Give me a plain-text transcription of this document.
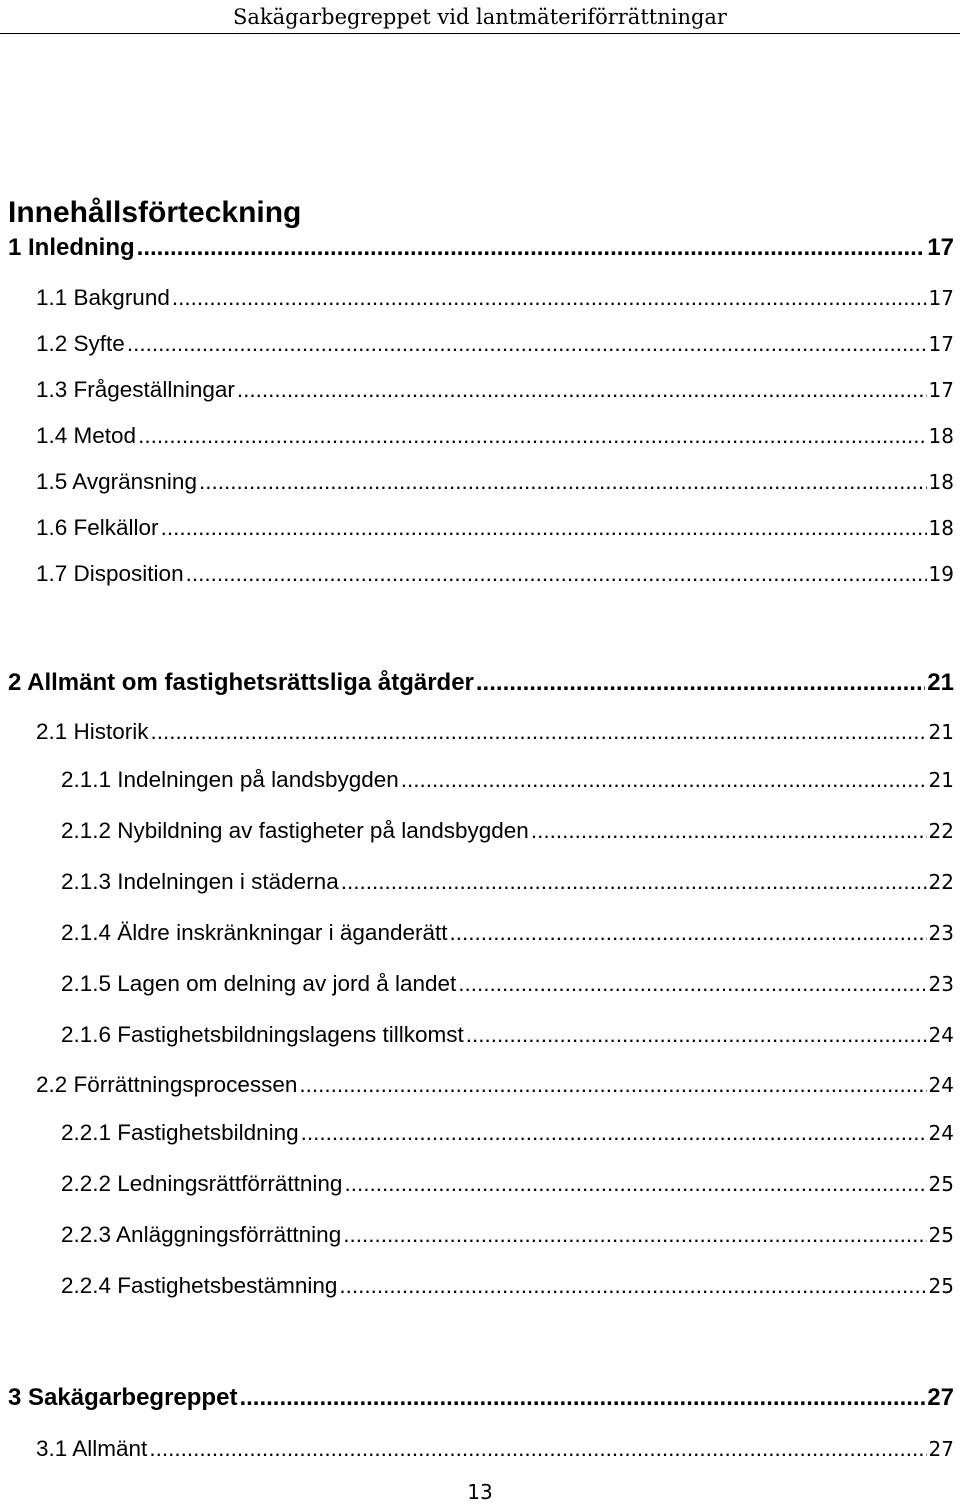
Sakägarbegreppet vid lantmäteriförrättningar
Innehållsförteckning
1 Inledning .....	17
1.1 Bakgrund .....	17
1.2 Syfte .....	17
1.3 Frågeställningar .....	17
1.4 Metod .....	18
1.5 Avgränsning .....	18
1.6 Felkällor .....	18
1.7 Disposition .....	19
2 Allmänt om fastighetsrättsliga åtgärder .....	21
2.1 Historik .....	21
2.1.1 Indelningen på landsbygden .....	21
2.1.2 Nybildning av fastigheter på landsbygden .....	22
2.1.3 Indelningen i städerna .....	22
2.1.4 Äldre inskränkningar i äganderätt .....	23
2.1.5 Lagen om delning av jord å landet .....	23
2.1.6 Fastighetsbildningslagens tillkomst .....	24
2.2 Förrättningsprocessen .....	24
2.2.1 Fastighetsbildning .....	24
2.2.2 Ledningsrättförrättning .....	25
2.2.3 Anläggningsförrättning .....	25
2.2.4 Fastighetsbestämning .....	25
3 Sakägarbegreppet .....	27
3.1 Allmänt .....	27
13
